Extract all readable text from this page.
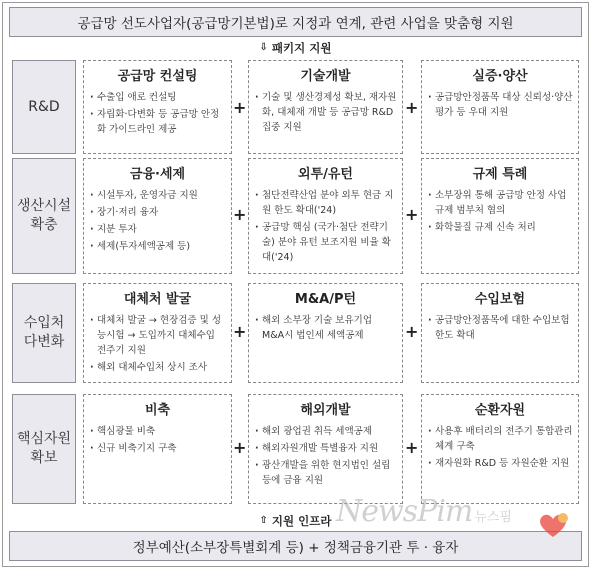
공급망 선도사업자(공급망기본법)로 지정과 연계, 관련 사업을 맞춤형 지원
⇩ 패키지 지원
R&D
공급망 컨설팅
· 수출입 애로 컨설팅
· 자립화·다변화 등 공급망 안정화 가이드라인 제공
+
기술개발
· 기술 및 생산경제성 확보, 재자원화, 대체재 개발 등 공급망 R&D 집중 지원
+
실증·양산
· 공급망안정품목 대상 신뢰성·양산평가 등 우대 지원
생산시설
확충
금융·세제
· 시설투자, 운영자금 지원
· 장기·저리 융자
· 지분 투자
· 세제(투자세액공제 등)
+
외투/유턴
· 첨단전략산업 분야 외투 현금 지원 한도 확대('24)
· 공급망 핵심 (국가·첨단 전략기술) 분야 유턴 보조지원 비율 확대('24)
+
규제 특례
· 소부장위 통해 공급망 안정 사업 규제 범부처 협의
· 화학물질 규제 신속 처리
수입처
다변화
대체처 발굴
· 대체처 발굴 → 현장검증 및 성능시험 → 도입까지 대체수입 전주기 지원
· 해외 대체수입처 상시 조사
+
M&A/P턴
· 해외 소부장 기술 보유기업 M&A시 법인세 세액공제	+
수입보험
· 공급망안정품목에 대한 수입보험 한도 확대
핵심자원
확보
비축
· 핵심광물 비축
· 신규 비축기지 구축	+
해외개발
· 해외 광업권 취득 세액공제
· 해외자원개발 특별융자 지원
· 광산개발을 위한 현지법인 설립 등에 금융 지원
+
순환자원
· 사용후 배터리의 전주기 통합관리체계 구축
· 재자원화 R&D 등 자원순환 지원
⇧ 지원 인프라
정부예산(소부장특별회계 등) + 정책금융기관 투 · 융자
NewsPim 뉴스핌
